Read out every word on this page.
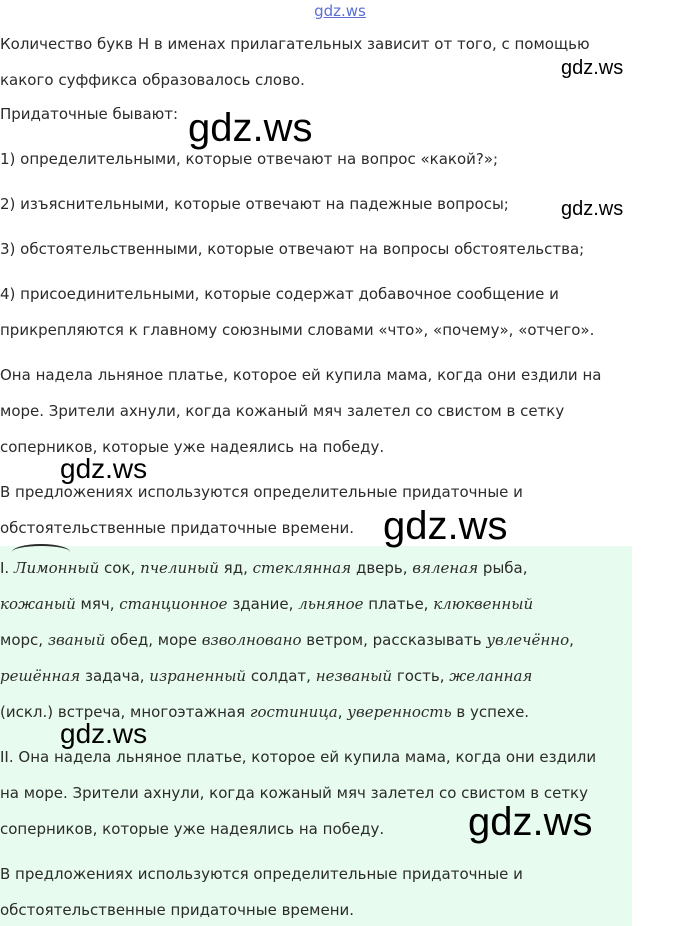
gdz.ws
Количество букв Н в именах прилагательных зависит от того, с помощью
какого суффикса образовалось слово.
Придаточные бывают:
1) определительными, которые отвечают на вопрос «какой?»;
2) изъяснительными, которые отвечают на падежные вопросы;
3) обстоятельственными, которые отвечают на вопросы обстоятельства;
4) присоединительными, которые содержат добавочное сообщение и
прикрепляются к главному союзными словами «что», «почему», «отчего».
Она надела льняное платье, которое ей купила мама, когда они ездили на
море. Зрители ахнули, когда кожаный мяч залетел со свистом в сетку
соперников, которые уже надеялись на победу.
В предложениях используются определительные придаточные и
обстоятельственные придаточные времени.
I. Лимонный сок, пчелиный яд, стеклянная дверь, вяленая рыба,
кожаный мяч, станционное здание, льняное платье, клюквенный
морс, званый обед, море взволновано ветром, рассказывать увлечённо,
решённая задача, израненный солдат, незваный гость, желанная
(искл.) встреча, многоэтажная гостиница, уверенность в успехе.
II. Она надела льняное платье, которое ей купила мама, когда они ездили
на море. Зрители ахнули, когда кожаный мяч залетел со свистом в сетку
соперников, которые уже надеялись на победу.
В предложениях используются определительные придаточные и
обстоятельственные придаточные времени.
gdz.ws
gdz.ws
gdz.ws
gdz.ws
gdz.ws
gdz.ws
gdz.ws
